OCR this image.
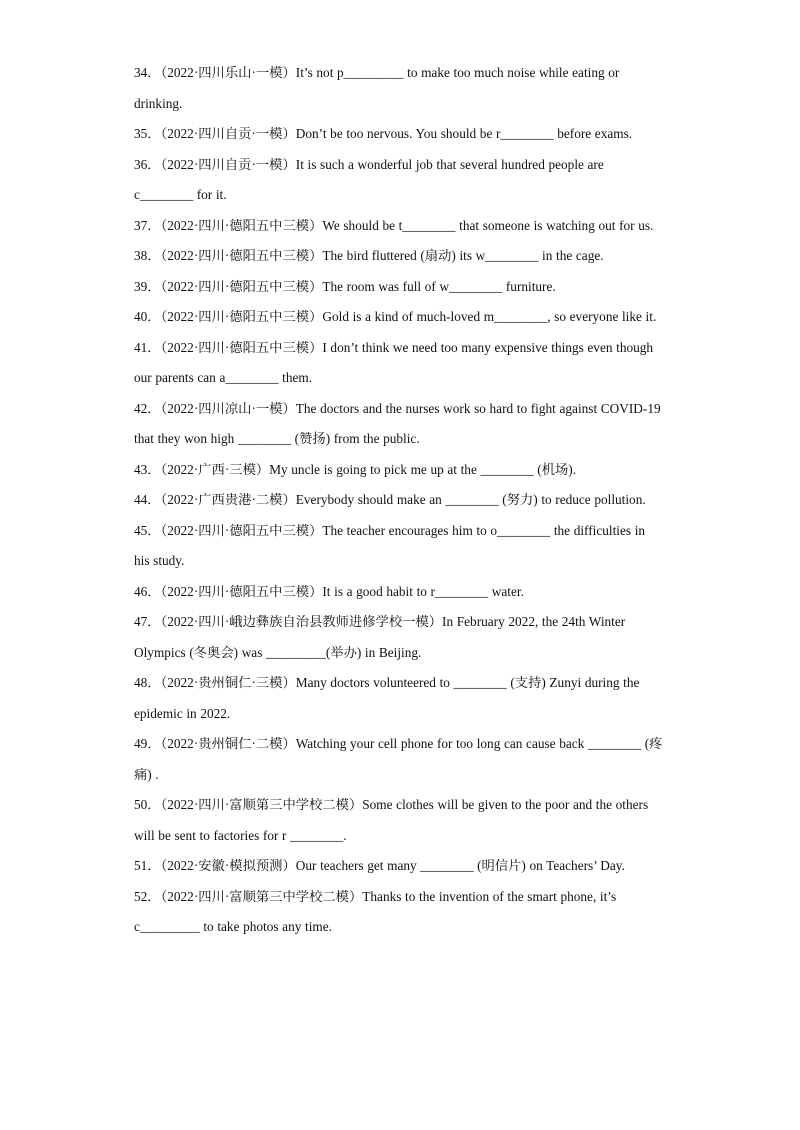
34．（2022·四川乐山·一模）It’s not p_________ to make too much noise while eating or drinking.

35．（2022·四川自贡·一模）Don’t be too nervous. You should be r________ before exams.

36．（2022·四川自贡·一模）It is such a wonderful job that several hundred people are c________ for it.

37．（2022·四川·德阳五中三模）We should be t________ that someone is watching out for us.

38．（2022·四川·德阳五中三模）The bird fluttered (扇动) its w________ in the cage.

39．（2022·四川·德阳五中三模）The room was full of w________ furniture.

40．（2022·四川·德阳五中三模）Gold is a kind of much-loved m________, so everyone like it.

41．（2022·四川·德阳五中三模）I don’t think we need too many expensive things even though our parents can a________ them.

42．（2022·四川凉山·一模）The doctors and the nurses work so hard to fight against COVID-19 that they won high ________ (赞扬) from the public.

43．（2022·广西·三模）My uncle is going to pick me up at the ________ (机场).

44．（2022·广西贵港·二模）Everybody should make an ________ (努力) to reduce pollution.

45．（2022·四川·德阳五中三模）The teacher encourages him to o________ the difficulties in his study.

46．（2022·四川·德阳五中三模）It is a good habit to r________ water.

47．（2022·四川·峨边彝族自治县教师进修学校一模）In February 2022, the 24th Winter Olympics (冬奥会) was _________(举办) in Beijing.

48．（2022·贵州铜仁·三模）Many doctors volunteered to ________ (支持) Zunyi during the epidemic in 2022.

49．（2022·贵州铜仁·二模）Watching your cell phone for too long can cause back ________ (疼痛) .

50．（2022·四川·富顺第三中学校二模）Some clothes will be given to the poor and the others will be sent to factories for r ________.

51．（2022·安徽·模拟预测）Our teachers get many ________ (明信片) on Teachers’ Day.

52．（2022·四川·富顺第三中学校二模）Thanks to the invention of the smart phone, it’s c_________ to take photos any time.
